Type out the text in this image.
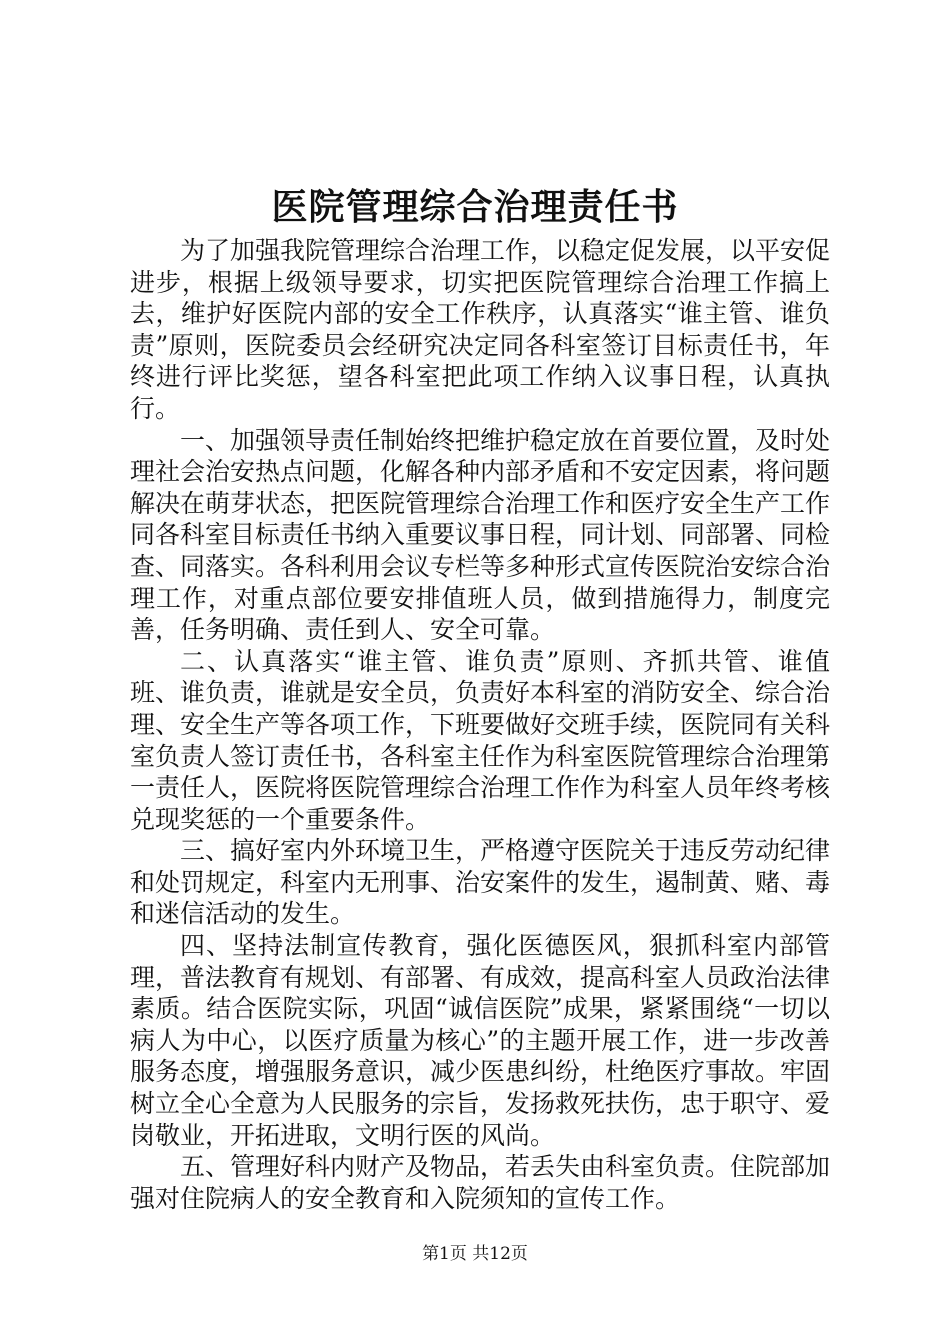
医院管理综合治理责任书

为了加强我院管理综合治理工作，以稳定促发展，以平安促进步，根据上级领导要求，切实把医院管理综合治理工作搞上去，维护好医院内部的安全工作秩序，认真落实“谁主管、谁负责”原则，医院委员会经研究决定同各科室签订目标责任书，年终进行评比奖惩，望各科室把此项工作纳入议事日程，认真执行。

一、加强领导责任制始终把维护稳定放在首要位置，及时处理社会治安热点问题，化解各种内部矛盾和不安定因素，将问题解决在萌芽状态，把医院管理综合治理工作和医疗安全生产工作同各科室目标责任书纳入重要议事日程，同计划、同部署、同检查、同落实。各科利用会议专栏等多种形式宣传医院治安综合治理工作，对重点部位要安排值班人员，做到措施得力，制度完善，任务明确、责任到人、安全可靠。

二、认真落实“谁主管、谁负责”原则、齐抓共管、谁值班、谁负责，谁就是安全员，负责好本科室的消防安全、综合治理、安全生产等各项工作，下班要做好交班手续，医院同有关科室负责人签订责任书，各科室主任作为科室医院管理综合治理第一责任人，医院将医院管理综合治理工作作为科室人员年终考核兑现奖惩的一个重要条件。

三、搞好室内外环境卫生，严格遵守医院关于违反劳动纪律和处罚规定，科室内无刑事、治安案件的发生，遏制黄、赌、毒和迷信活动的发生。

四、坚持法制宣传教育，强化医德医风，狠抓科室内部管理，普法教育有规划、有部署、有成效，提高科室人员政治法律素质。结合医院实际，巩固“诚信医院”成果，紧紧围绕“一切以病人为中心，以医疗质量为核心”的主题开展工作，进一步改善服务态度，增强服务意识，减少医患纠纷，杜绝医疗事故。牢固树立全心全意为人民服务的宗旨，发扬救死扶伤，忠于职守、爱岗敬业，开拓进取，文明行医的风尚。

五、管理好科内财产及物品，若丢失由科室负责。住院部加强对住院病人的安全教育和入院须知的宣传工作。

第1页 共12页
